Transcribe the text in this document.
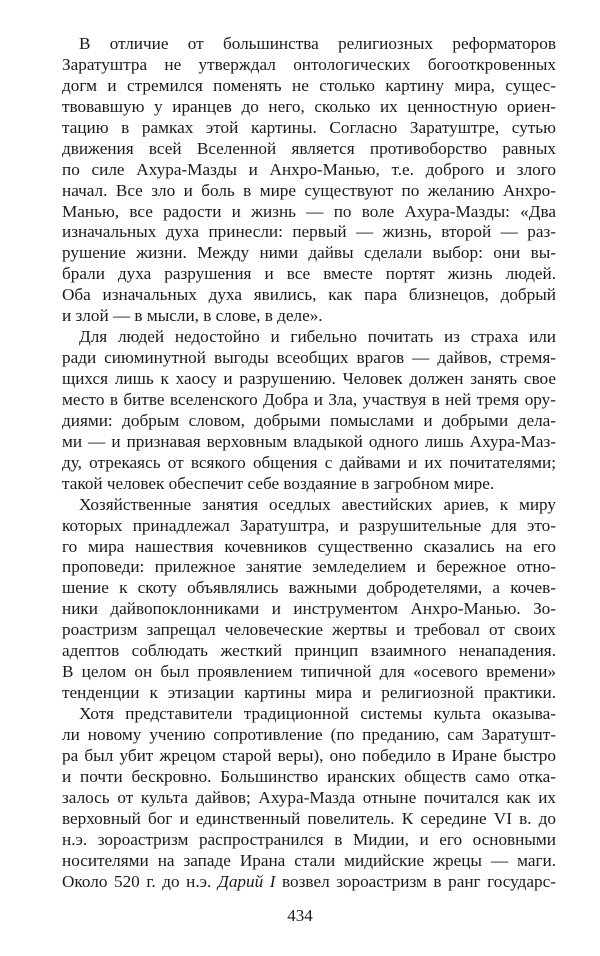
В отличие от большинства религиозных реформаторов
Заратуштра не утверждал онтологических богооткровенных
догм и стремился поменять не столько картину мира, сущес-
твовавшую у иранцев до него, сколько их ценностную ориен-
тацию в рамках этой картины. Согласно Заратуштре, сутью
движения всей Вселенной является противоборство равных
по силе Ахура-Мазды и Анхро-Манью, т.е. доброго и злого
начал. Все зло и боль в мире существуют по желанию Анхро-
Манью, все радости и жизнь — по воле Ахура-Мазды: «Два
изначальных духа принесли: первый — жизнь, второй — раз-
рушение жизни. Между ними дайвы сделали выбор: они вы-
брали духа разрушения и все вместе портят жизнь людей.
Оба изначальных духа явились, как пара близнецов, добрый
и злой — в мысли, в слове, в деле».
Для людей недостойно и гибельно почитать из страха или
ради сиюминутной выгоды всеобщих врагов — дайвов, стремя-
щихся лишь к хаосу и разрушению. Человек должен занять свое
место в битве вселенского Добра и Зла, участвуя в ней тремя ору-
диями: добрым словом, добрыми помыслами и добрыми дела-
ми — и признавая верховным владыкой одного лишь Ахура-Маз-
ду, отрекаясь от всякого общения с дайвами и их почитателями;
такой человек обеспечит себе воздаяние в загробном мире.
Хозяйственные занятия оседлых авестийских ариев, к миру
которых принадлежал Заратуштра, и разрушительные для это-
го мира нашествия кочевников существенно сказались на его
проповеди: прилежное занятие земледелием и бережное отно-
шение к скоту объявлялись важными добродетелями, а кочев-
ники дайвопоклонниками и инструментом Анхро-Манью. Зо-
роастризм запрещал человеческие жертвы и требовал от своих
адептов соблюдать жесткий принцип взаимного ненападения.
В целом он был проявлением типичной для «осевого времени»
тенденции к этизации картины мира и религиозной практики.
Хотя представители традиционной системы культа оказыва-
ли новому учению сопротивление (по преданию, сам Заратушт-
ра был убит жрецом старой веры), оно победило в Иране быстро
и почти бескровно. Большинство иранских обществ само отка-
залось от культа дайвов; Ахура-Мазда отныне почитался как их
верховный бог и единственный повелитель. К середине VI в. до
н.э. зороастризм распространился в Мидии, и его основными
носителями на западе Ирана стали мидийские жрецы — маги.
Около 520 г. до н.э. Дарий I возвел зороастризм в ранг государс-
434
